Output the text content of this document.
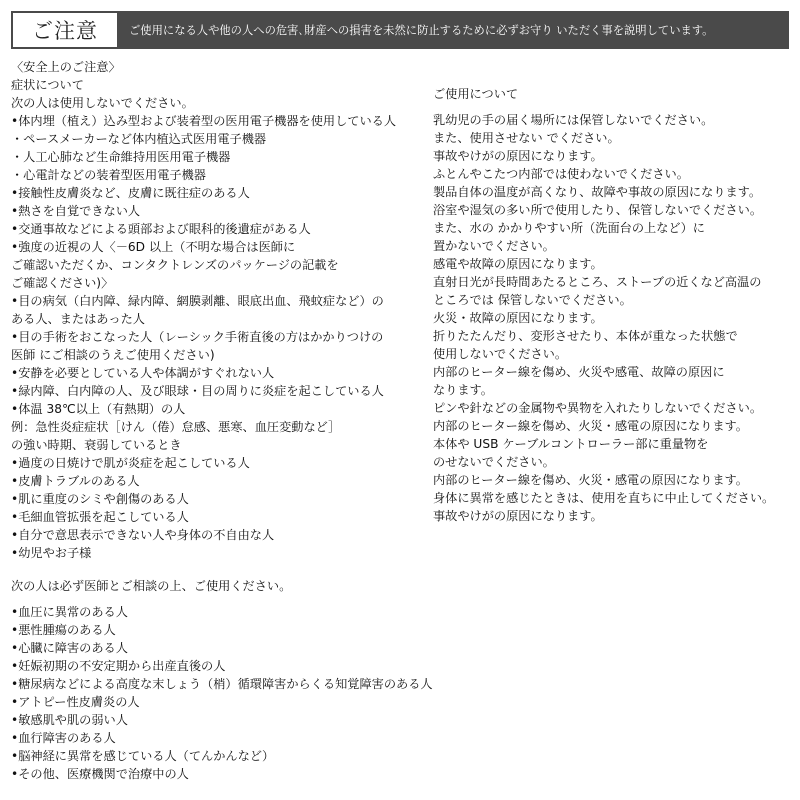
ご注意	ご使用になる人や他の人への危害､財産への損害を未然に防止するために必ずお守り いただく事を説明しています。
〈安全上のご注意〉
症状について
次の人は使用しないでください。
•体内埋（植え）込み型および装着型の医用電子機器を使用している人
・ペースメーカーなど体内植込式医用電子機器
・人工心肺など生命維持用医用電子機器
・心電計などの装着型医用電子機器
•接触性皮膚炎など、皮膚に既往症のある人
•熱さを自覚できない人
•交通事故などによる頭部および眼科的後遺症がある人
•強度の近視の人〈－6D 以上（不明な場合は医師に
ご確認いただくか、コンタクトレンズのパッケージの記載を
ご確認ください)〉
•目の病気（白内障、緑内障、網膜剥離、眼底出血、飛蚊症など）の
ある人、またはあった人
•目の手術をおこなった人（レーシック手術直後の方はかかりつけの
医師 にご相談のうえご使用ください)
•安静を必要としている人や体調がすぐれない人
•緑内障、白内障の人、及び眼球・目の周りに炎症を起こしている人
•体温 38℃以上（有熱期）の人
例：急性炎症症状［けん（倦）怠感、悪寒、血圧変動など］
の強い時期、衰弱しているとき
•過度の日焼けで肌が炎症を起こしている人
•皮膚トラブルのある人
•肌に重度のシミや創傷のある人
•毛細血管拡張を起こしている人
•自分で意思表示できない人や身体の不自由な人
•幼児やお子様
次の人は必ず医師とご相談の上、ご使用ください。
•血圧に異常のある人
•悪性腫瘍のある人
•心臓に障害のある人
•妊娠初期の不安定期から出産直後の人
•糖尿病などによる高度な末しょう（梢）循環障害からくる知覚障害のある人
•アトピー性皮膚炎の人
•敏感肌や肌の弱い人
•血行障害のある人
•脳神経に異常を感じている人（てんかんなど）
•その他、医療機関で治療中の人
ご使用について
乳幼児の手の届く場所には保管しないでください。
また、使用させない でください。
事故やけがの原因になります。
ふとんやこたつ内部では使わないでください。
製品自体の温度が高くなり、故障や事故の原因になります。
浴室や湿気の多い所で使用したり、保管しないでください。
また、水の かかりやすい所（洗面台の上など）に
置かないでください。
感電や故障の原因になります。
直射日光が長時間あたるところ、ストーブの近くなど高温の
ところでは 保管しないでください。
火災・故障の原因になります。
折りたたんだり、変形させたり、本体が重なった状態で
使用しないでください。
内部のヒーター線を傷め、火災や感電、故障の原因に
なります。
ピンや針などの金属物や異物を入れたりしないでください。
内部のヒーター線を傷め、火災・感電の原因になります。
本体や USB ケーブルコントローラー部に重量物を
のせないでください。
内部のヒーター線を傷め、火災・感電の原因になります。
身体に異常を感じたときは、使用を直ちに中止してください。
事故やけがの原因になります。
